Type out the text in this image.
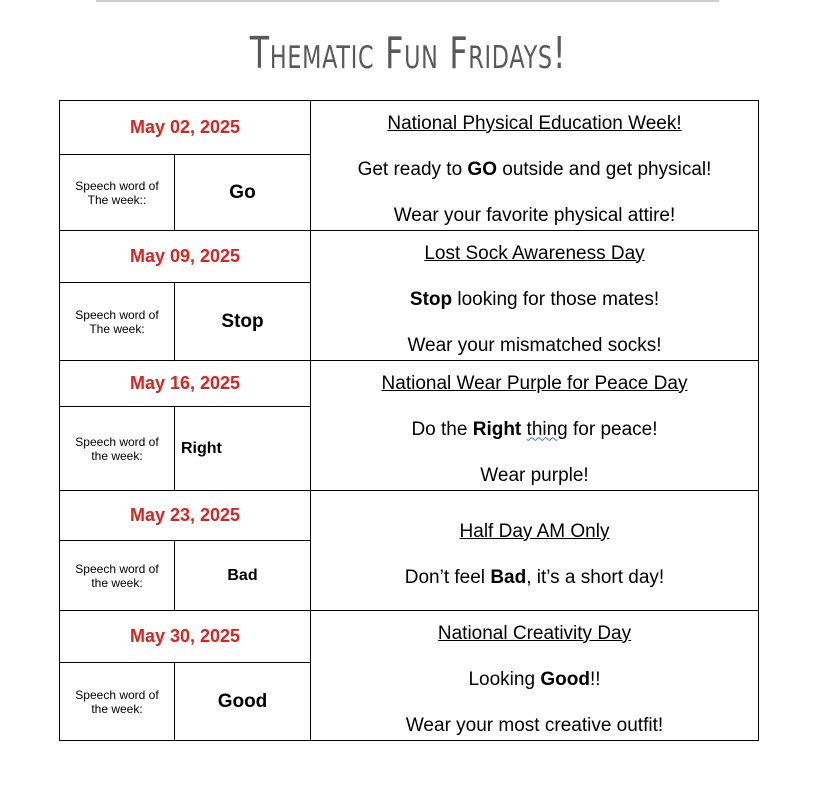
Thematic Fun Fridays!
May 02, 2025		National Physical Education Week!
Get ready to GO outside and get physical!
Wear your favorite physical attire!

Speech word of
The week::	Go	
May 09, 2025		Lost Sock Awareness Day
Stop looking for those mates!
Wear your mismatched socks!

Speech word of
The week:	Stop	
May 16, 2025		National Wear Purple for Peace Day
Do the Right thing for peace!
Wear purple!

Speech word of
the week:	Right	
May 23, 2025		Half Day AM Only
Don’t feel Bad, it’s a short day!

Speech word of
the week:	Bad	
May 30, 2025		National Creativity Day
Looking Good!!
Wear your most creative outfit!

Speech word of
the week:	Good	
